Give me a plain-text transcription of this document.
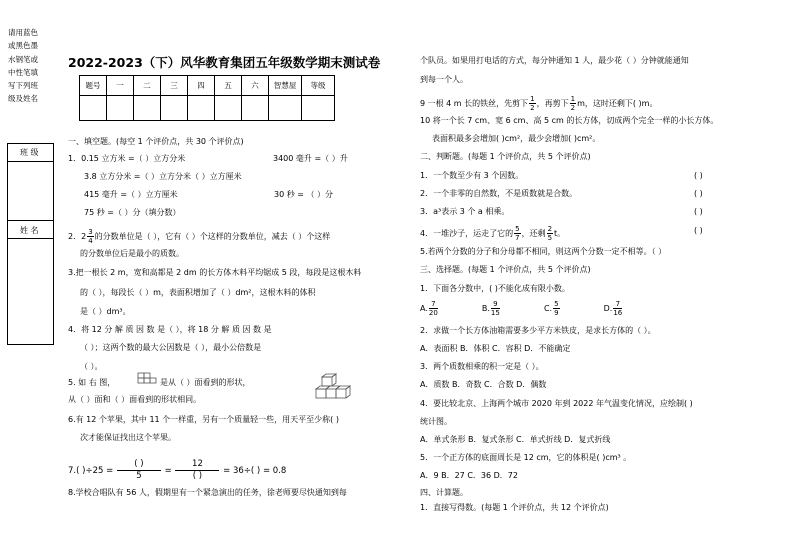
请用蓝色
或黑色墨
水钢笔或
中性笔填
写下列班
级及姓名
班 级
姓 名
2022-2023（下）风华教育集团五年级数学期末测试卷
题号	一	二	三	四	五	六	智慧屋	等级

一、填空题。(每空 1 个评价点，共 30 个评价点)
1．0.15 立方米 =（ ）立方分米	3400 毫升 =（ ）升
3.8 立方分米 =（ ）立方分米（ ）立方厘米
415 毫升 =（ ）立方厘米	30 秒 = （ ）分
75 秒 =（ ）分（填分数）
2．$2 \frac{3}{4}$ 的分数单位是（ ），它有（ ）个这样的分数单位，减去（ ）个这样
的分数单位后是最小的质数。
3.把一根长 2 m，宽和高都是 2 dm 的长方体木料平均锯成 5 段，每段是这根木料
的（ ），每段长（ ）m，表面积增加了（ ）dm²，这根木料的体积
是（ ）dm³。
4．将 12 分 解 质 因 数 是（ ），将 18 分 解 质 因 数 是
（ ）；这两个数的最大公因数是（ ），最小公倍数是
（ ）。
5. 如 右 图，	是从（ ）面看到的形状，
从（ ）面和（ ）面看到的形状相同。
6.有 12 个苹果，其中 11 个一样重，另有一个质量轻一些，用天平至少称( )
次才能保证找出这个苹果。
7.( )$\div 25 = \frac{( )}{5} = \frac{12}{( )} = 36\div$( ) = 0.8
8.学校合唱队有 56 人，假期里有一个紧急演出的任务，徐老师要尽快通知到每
个队员。如果用打电话的方式，每分钟通知 1 人，最少花（ ）分钟就能通知
到每一个人。
9 一根 4 m 长的铁丝，先剪下 $\frac{1}{2}$ ，再剪下 $\frac{1}{2}$ m，这时还剩下( )m。
10 将一个长 7 cm、宽 6 cm、高 5 cm 的长方体，切成两个完全一样的小长方体。
表面积最多会增加( )cm²，最少会增加( )cm²。
二、判断题。(每题 1 个评价点，共 5 个评价点)
1．一个数至少有 3 个因数。	( )
2．一个非零的自然数，不是质数就是合数。	( )
3．a³表示 3 个 a 相乘。	( )
4．一堆沙子，运走了它的 $\frac{5}{7}$ ，还剩 $\frac{2}{5}$ t。	( )
5.若两个分数的分子和分母都不相同，则这两个分数一定不相等。（ ）
三、选择题。(每题 1 个评价点，共 5 个评价点)
1．下面各分数中，( )不能化成有限小数。
A. $\frac{7}{20}$	B. $\frac{9}{15}$	C. $\frac{5}{9}$	D. $\frac{7}{16}$
2．求做一个长方体油箱需要多少平方米铁皮，是求长方体的（ ）。
A．表面积 B．体积 C．容积 D．不能确定
3．两个质数相乘的积一定是（ ）。
A．质数 B．奇数 C．合数 D．偶数
4．要比较北京、上海两个城市 2020 年到 2022 年气温变化情况，应绘制( )
统计图。
A．单式条形 B．复式条形 C．单式折线 D．复式折线
5．一个正方体的底面周长是 12 cm，它的体积是( )cm³ 。
A．9 B．27 C．36 D．72
四、计算题。
1．直接写得数。(每题 1 个评价点，共 12 个评价点)
